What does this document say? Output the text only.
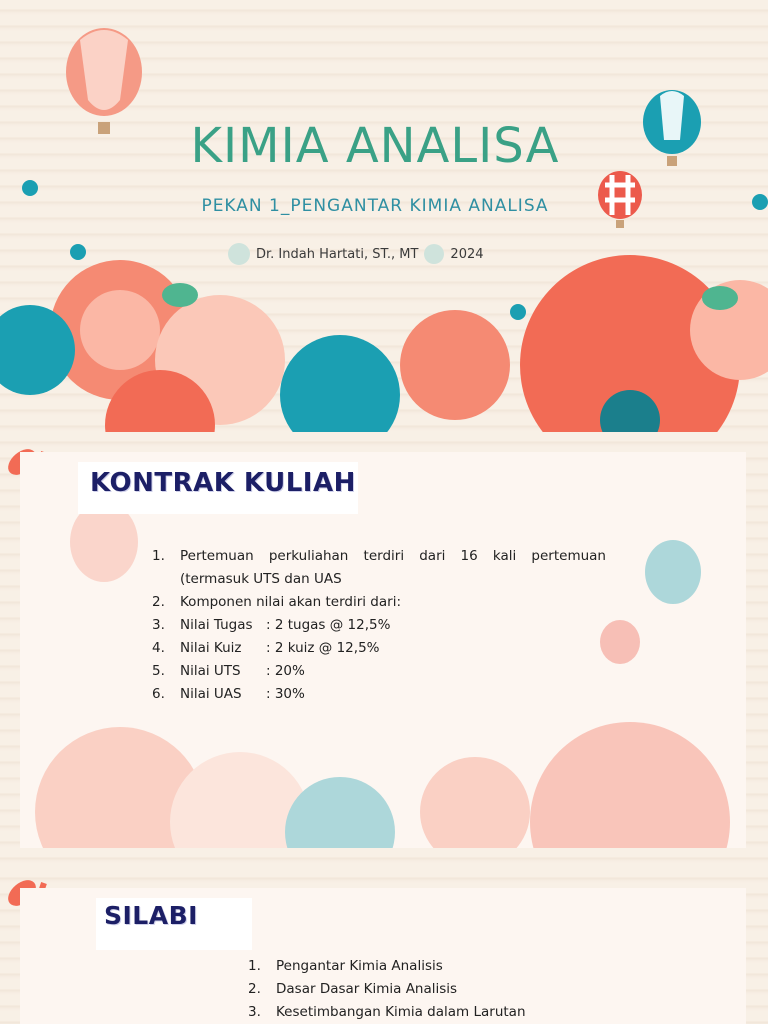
KIMIA ANALISA
PEKAN 1_PENGANTAR KIMIA ANALISA
Dr. Indah Hartati, ST., MT 2024
KONTRAK KULIAH
1.	Pertemuan perkuliahan terdiri dari 16 kali pertemuan (termasuk UTS dan UAS
2.	Komponen nilai akan terdiri dari:
3.	Nilai Tugas : 2 tugas @ 12,5%
4.	Nilai Kuiz : 2 kuiz @ 12,5%
5.	Nilai UTS : 20%
6.	Nilai UAS : 30%
SILABI
1.	Pengantar Kimia Analisis
2.	Dasar Dasar Kimia Analisis
3.	Kesetimbangan Kimia dalam Larutan
